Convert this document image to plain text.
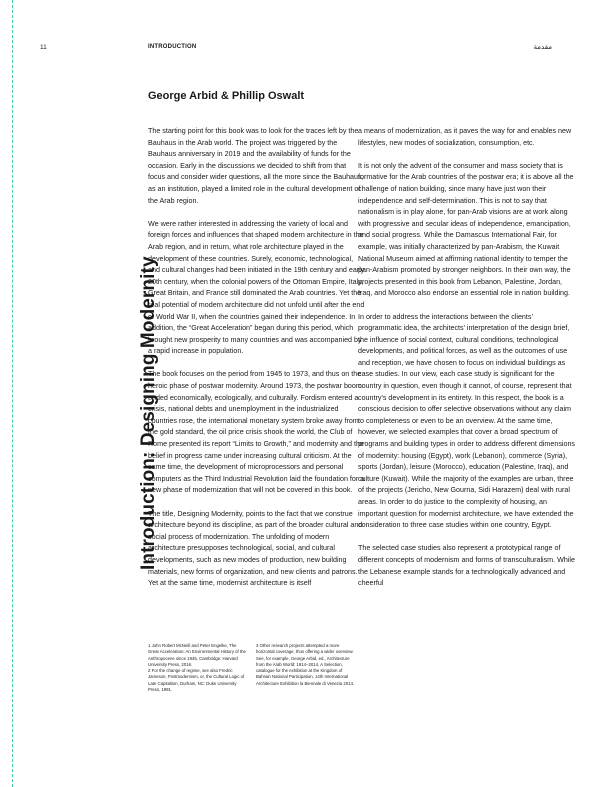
11	INTRODUCTION	مقدمة
George Arbid & Phillip Oswalt
Introduction: Designing Modernity

The starting point for this book was to look for the traces left by the Bauhaus in the Arab world. The project was triggered by the Bauhaus anniversary in 2019 and the availability of funds for the occasion. Early in the discussions we decided to shift from that focus and consider wider questions, all the more since the Bauhaus, as an institution, played a limited role in the cultural development of the Arab region.

We were rather interested in addressing the variety of local and foreign forces and influences that shaped modern architecture in the Arab region, and in return, what role architecture played in the development of these countries. Surely, economic, technological, and cultural changes had been initiated in the 19th century and early 20th century, when the colonial powers of the Ottoman Empire, Italy, Great Britain, and France still dominated the Arab countries. Yet the real potential of modern architecture did not unfold until after the end of World War II, when the countries gained their independence. In addition, the “Great Acceleration” began during this period, which brought new prosperity to many countries and was accompanied by a rapid increase in population.

The book focuses on the period from 1945 to 1973, and thus on the heroic phase of postwar modernity. Around 1973, the postwar boom ended economically, ecologically, and culturally. Fordism entered a crisis, national debts and unemployment in the industrialized countries rose, the international monetary system broke away from the gold standard, the oil price crisis shook the world, the Club of Rome presented its report “Limits to Growth,” and modernity and the belief in progress came under increasing cultural criticism. At the same time, the development of microprocessors and personal computers as the Third Industrial Revolution laid the foundation for a new phase of modernization that will not be covered in this book.

The title, Designing Modernity, points to the fact that we construe architecture beyond its discipline, as part of the broader cultural and social process of modernization. The unfolding of modern architecture presupposes technological, social, and cultural developments, such as new modes of production, new building materials, new forms of organization, and new clients and patrons. Yet at the same time, modernist architecture is itself

a means of modernization, as it paves the way for and enables new lifestyles, new modes of socialization, consumption, etc.

It is not only the advent of the consumer and mass society that is formative for the Arab countries of the postwar era; it is above all the challenge of nation building, since many have just won their independence and self-determination. This is not to say that nationalism is in play alone, for pan-Arab visions are at work along with progressive and secular ideas of independence, emancipation, and social progress. While the Damascus International Fair, for example, was initially characterized by pan-Arabism, the Kuwait National Museum aimed at affirming national identity to temper the pan-Arabism promoted by stronger neighbors. In their own way, the projects presented in this book from Lebanon, Palestine, Jordan, Iraq, and Morocco also endorse an essential role in nation building.

In order to address the interactions between the clients’ programmatic idea, the architects’ interpretation of the design brief, the influence of social context, cultural conditions, technological developments, and political forces, as well as the outcomes of use and reception, we have chosen to focus on individual buildings as case studies. In our view, each case study is significant for the country in question, even though it cannot, of course, represent that country’s development in its entirety. In this respect, the book is a conscious decision to offer selective observations without any claim to completeness or even to be an overview. At the same time, however, we selected examples that cover a broad spectrum of programs and building types in order to address different dimensions of modernity: housing (Egypt), work (Lebanon), commerce (Syria), sports (Jordan), leisure (Morocco), education (Palestine, Iraq), and culture (Kuwait). While the majority of the examples are urban, three of the projects (Jericho, New Gourna, Sidi Harazem) deal with rural areas. In order to do justice to the complexity of housing, an important question for modernist architecture, we have extended the consideration to three case studies within one country, Egypt.

The selected case studies also represent a prototypical range of different concepts of modernism and forms of transculturalism. While the Lebanese example stands for a technologically advanced and cheerful

1 John Robert McNeill and Peter Engelke, The Great Acceleration: An Environmental History of the Anthropocene since 1945, Cambridge: Harvard University Press, 2016.
2 For the change of regime, see also Fredric Jameson, Postmodernism, or, the Cultural Logic of Late Capitalism, Durham, NC: Duke University Press, 1991.
3 Other research projects attempted a more horizontal coverage, thus offering a wider overview. See, for example, George Arbid, ed., Architecture from the Arab World: 1914–2014, A Selection, catalogue for the exhibition at the Kingdom of Bahrain National Participation, 14th International Architecture Exhibition la Biennale di Venezia 2014.
